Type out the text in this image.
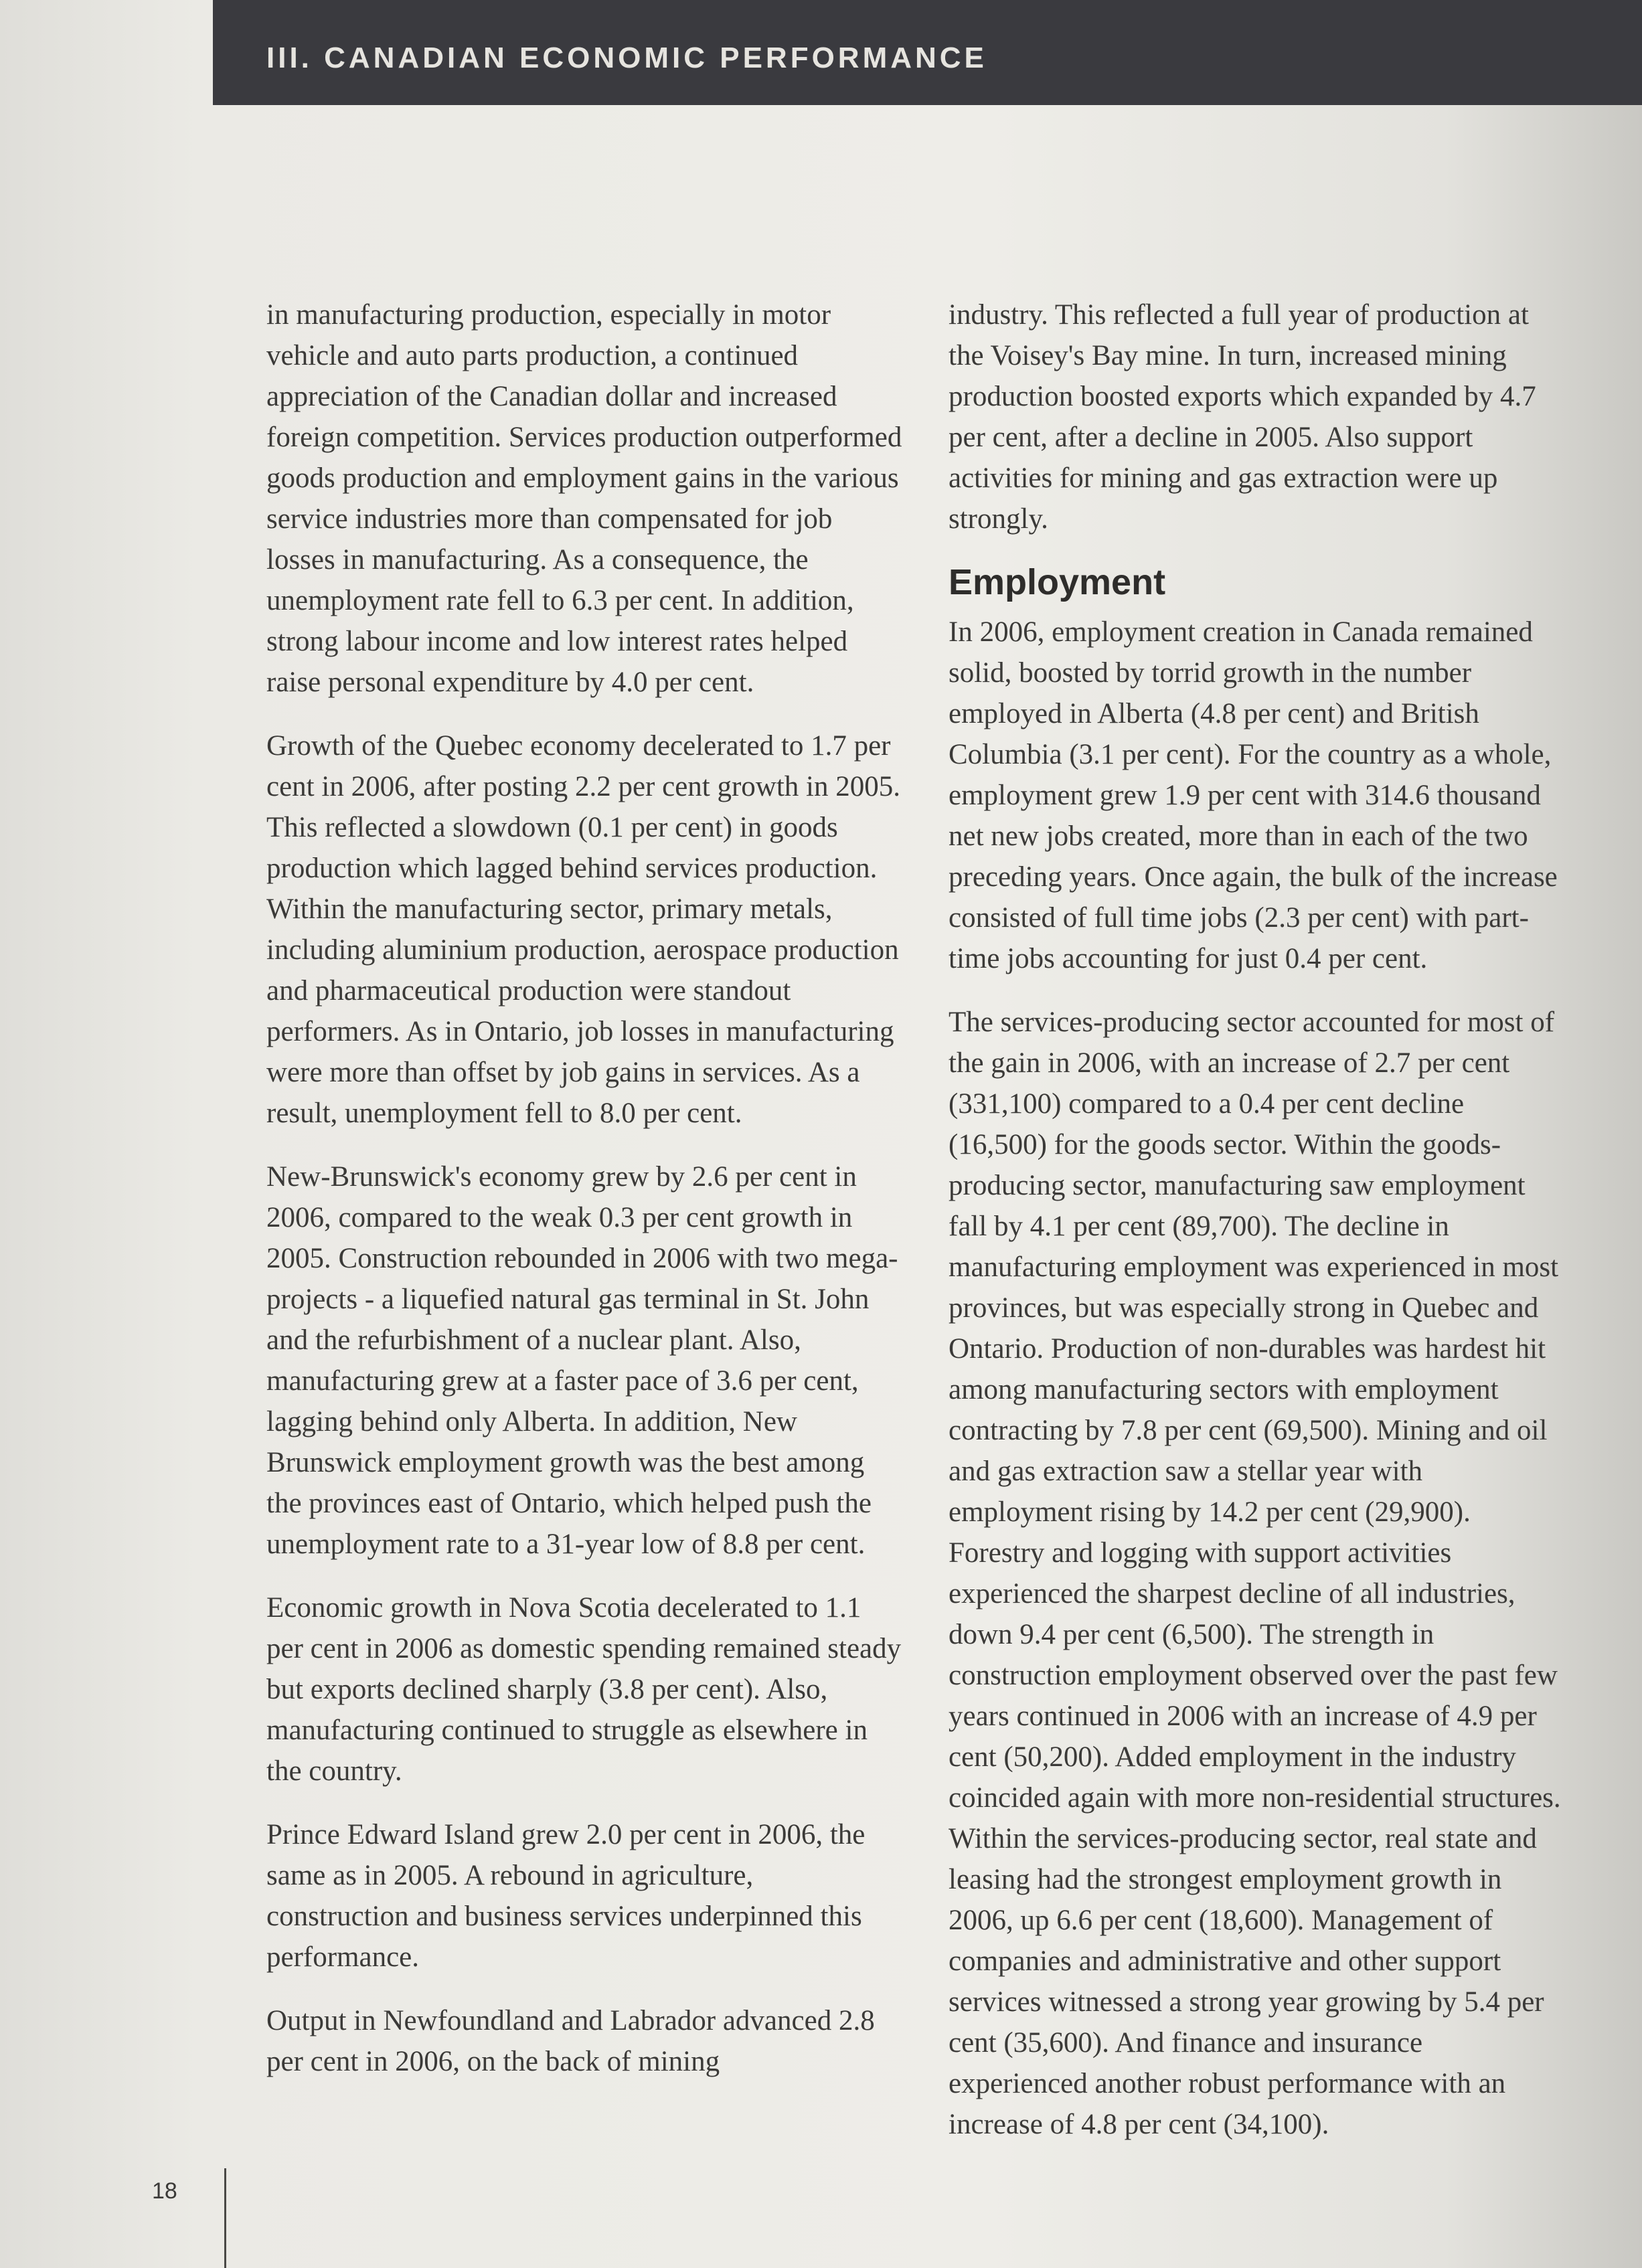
III. CANADIAN ECONOMIC PERFORMANCE

in manufacturing production, especially in motor vehicle and auto parts production, a continued appreciation of the Canadian dollar and increased foreign competition. Services production outperformed goods production and employment gains in the various service industries more than compensated for job losses in manufacturing. As a consequence, the unemployment rate fell to 6.3 per cent. In addition, strong labour income and low interest rates helped raise personal expenditure by 4.0 per cent.

Growth of the Quebec economy decelerated to 1.7 per cent in 2006, after posting 2.2 per cent growth in 2005. This reflected a slowdown (0.1 per cent) in goods production which lagged behind services production. Within the manufacturing sector, primary metals, including aluminium production, aerospace production and pharmaceutical production were standout performers. As in Ontario, job losses in manufacturing were more than offset by job gains in services. As a result, unemployment fell to 8.0 per cent.

New-Brunswick's economy grew by 2.6 per cent in 2006, compared to the weak 0.3 per cent growth in 2005. Construction rebounded in 2006 with two mega-projects - a liquefied natural gas terminal in St. John and the refurbishment of a nuclear plant. Also, manufacturing grew at a faster pace of 3.6 per cent, lagging behind only Alberta. In addition, New Brunswick employment growth was the best among the provinces east of Ontario, which helped push the unemployment rate to a 31-year low of 8.8 per cent.

Economic growth in Nova Scotia decelerated to 1.1 per cent in 2006 as domestic spending remained steady but exports declined sharply (3.8 per cent). Also, manufacturing continued to struggle as elsewhere in the country.

Prince Edward Island grew 2.0 per cent in 2006, the same as in 2005. A rebound in agriculture, construction and business services underpinned this performance.

Output in Newfoundland and Labrador advanced 2.8 per cent in 2006, on the back of mining

industry. This reflected a full year of production at the Voisey's Bay mine. In turn, increased mining production boosted exports which expanded by 4.7 per cent, after a decline in 2005. Also support activities for mining and gas extraction were up strongly.

Employment

In 2006, employment creation in Canada remained solid, boosted by torrid growth in the number employed in Alberta (4.8 per cent) and British Columbia (3.1 per cent). For the country as a whole, employment grew 1.9 per cent with 314.6 thousand net new jobs created, more than in each of the two preceding years. Once again, the bulk of the increase consisted of full time jobs (2.3 per cent) with part-time jobs accounting for just 0.4 per cent.

The services-producing sector accounted for most of the gain in 2006, with an increase of 2.7 per cent (331,100) compared to a 0.4 per cent decline (16,500) for the goods sector. Within the goods-producing sector, manufacturing saw employment fall by 4.1 per cent (89,700). The decline in manufacturing employment was experienced in most provinces, but was especially strong in Quebec and Ontario. Production of non-durables was hardest hit among manufacturing sectors with employment contracting by 7.8 per cent (69,500). Mining and oil and gas extraction saw a stellar year with employment rising by 14.2 per cent (29,900). Forestry and logging with support activities experienced the sharpest decline of all industries, down 9.4 per cent (6,500). The strength in construction employment observed over the past few years continued in 2006 with an increase of 4.9 per cent (50,200). Added employment in the industry coincided again with more non-residential structures. Within the services-producing sector, real state and leasing had the strongest employment growth in 2006, up 6.6 per cent (18,600). Management of companies and administrative and other support services witnessed a strong year growing by 5.4 per cent (35,600). And finance and insurance experienced another robust performance with an increase of 4.8 per cent (34,100).

18
